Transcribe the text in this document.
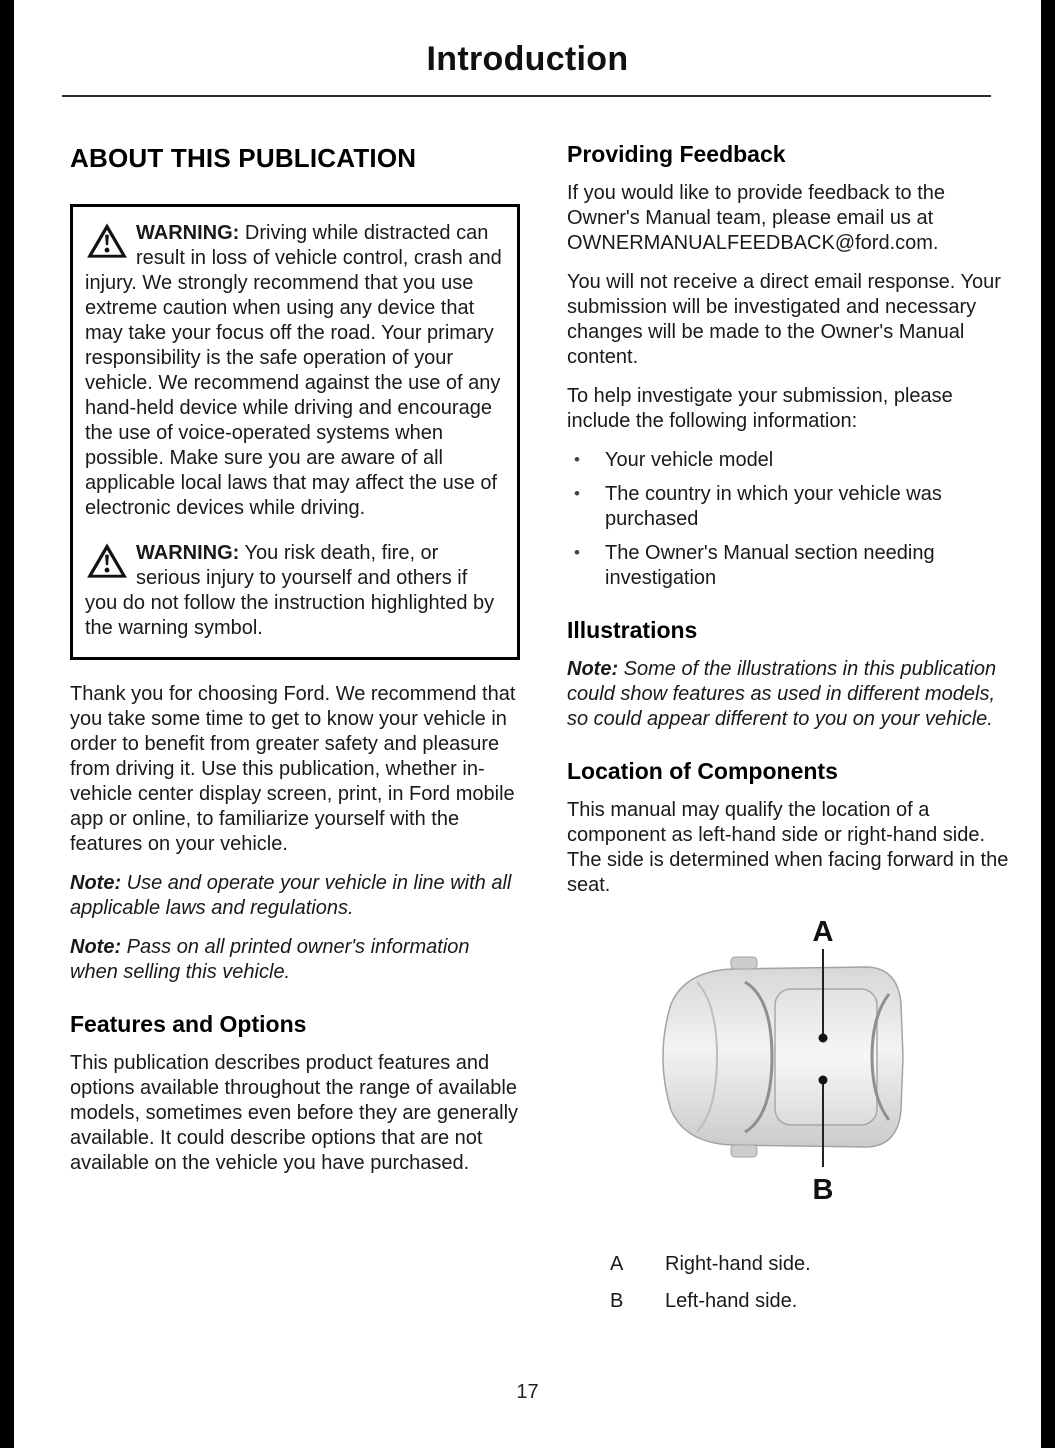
Introduction
ABOUT THIS PUBLICATION
WARNING: Driving while distracted can result in loss of vehicle control, crash and injury. We strongly recommend that you use extreme caution when using any device that may take your focus off the road. Your primary responsibility is the safe operation of your vehicle. We recommend against the use of any hand-held device while driving and encourage the use of voice-operated systems when possible. Make sure you are aware of all applicable local laws that may affect the use of electronic devices while driving.
WARNING: You risk death, fire, or serious injury to yourself and others if you do not follow the instruction highlighted by the warning symbol.

Thank you for choosing Ford. We recommend that you take some time to get to know your vehicle in order to benefit from greater safety and pleasure from driving it. Use this publication, whether in-vehicle center display screen, print, in Ford mobile app or online, to familiarize yourself with the features on your vehicle.

Note: Use and operate your vehicle in line with all applicable laws and regulations.

Note: Pass on all printed owner's information when selling this vehicle.

Features and Options

This publication describes product features and options available throughout the range of available models, sometimes even before they are generally available. It could describe options that are not available on the vehicle you have purchased.

Providing Feedback

If you would like to provide feedback to the Owner's Manual team, please email us at OWNERMANUALFEEDBACK@ford.com.

You will not receive a direct email response. Your submission will be investigated and necessary changes will be made to the Owner's Manual content.

To help investigate your submission, please include the following information:

• Your vehicle model
• The country in which your vehicle was purchased
• The Owner's Manual section needing investigation
Illustrations

Note: Some of the illustrations in this publication could show features as used in different models, so could appear different to you on your vehicle.

Location of Components

This manual may qualify the location of a component as left-hand side or right-hand side. The side is determined when facing forward in the seat.

A
B
A	Right-hand side.
B	Left-hand side.
17
